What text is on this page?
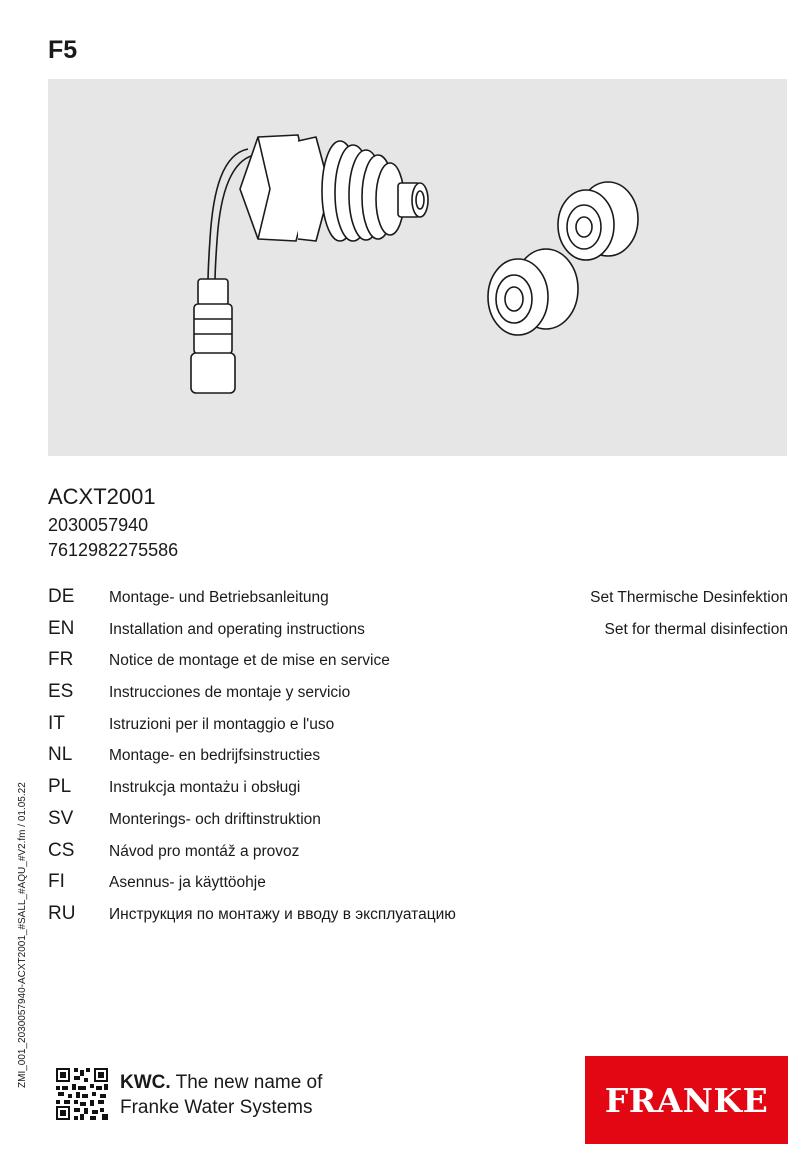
F5
ACXT2001
2030057940
7612982275586
DE Montage- und Betriebsanleitung	Set Thermische Desinfektion
EN Installation and operating instructions	Set for thermal disinfection
FR Notice de montage et de mise en service
ES Instrucciones de montaje y servicio
IT	Istruzioni per il montaggio e l'uso
NL Montage- en bedrijfsinstructies
PL Instrukcja montażu i obsługi
SV Monterings- och driftinstruktion
CS Návod pro montáž a provoz
FI	Asennus- ja käyttöohje
RU Инструкция по монтажу и вводу в эксплуатацию
ZMI_001_2030057940-ACXT2001_#SALL_#AQU_#V2.fm / 01.05.22	KWC. The new name of
Franke Water Systems	FRANKE
